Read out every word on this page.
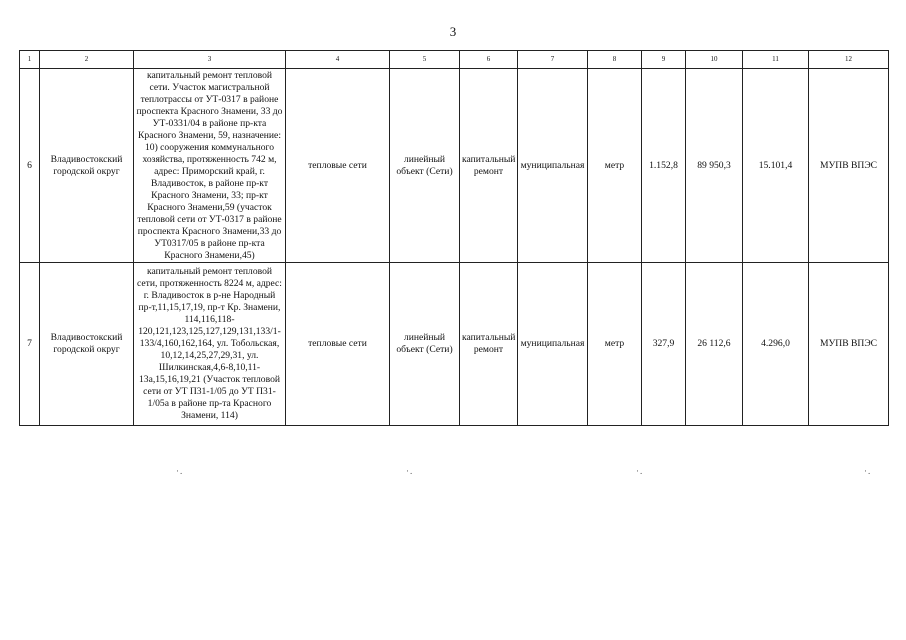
3
1	2	3	4	5	6	7	8	9	10	11	12
6	Владивостокский городской округ	капитальный ремонт тепловой сети. Участок магистральной теплотрассы от УТ-0317 в районе проспекта Красного Знамени, 33 до УТ-0331/04 в районе пр-кта Красного Знамени, 59, назначение: 10) сооружения коммунального хозяйства, протяженность 742 м, адрес: Приморский край, г. Владивосток, в районе пр-кт Красного Знамени, 33; пр-кт Красного Знамени,59 (участок тепловой сети от УТ-0317 в районе проспекта Красного Знамени,33 до УТ0317/05 в районе пр-кта Красного Знамени,45)	тепловые сети	линейный объект (Сети)	капитальный ремонт	муниципальная	метр	1.152,8	89 950,3	15.101,4	МУПВ ВПЭС
7	Владивостокский городской округ	капитальный ремонт тепловой сети, протяженность 8224 м, адрес: г. Владивосток в р-не Народный пр-т,11,15,17,19, пр-т Кр. Знамени, 114,116,118-120,121,123,125,127,129,131,133/1-133/4,160,162,164, ул. Тобольская, 10,12,14,25,27,29,31, ул. Шилкинская,4,6-8,10,11-13а,15,16,19,21 (Участок тепловой сети от УТ П31-1/05 до УТ П31-1/05а в районе пр-та Красного Знамени, 114)	тепловые сети	линейный объект (Сети)	капитальный ремонт	муниципальная	метр	327,9	26 112,6	4.296,0	МУПВ ВПЭС
·.	·.	·.	·.
